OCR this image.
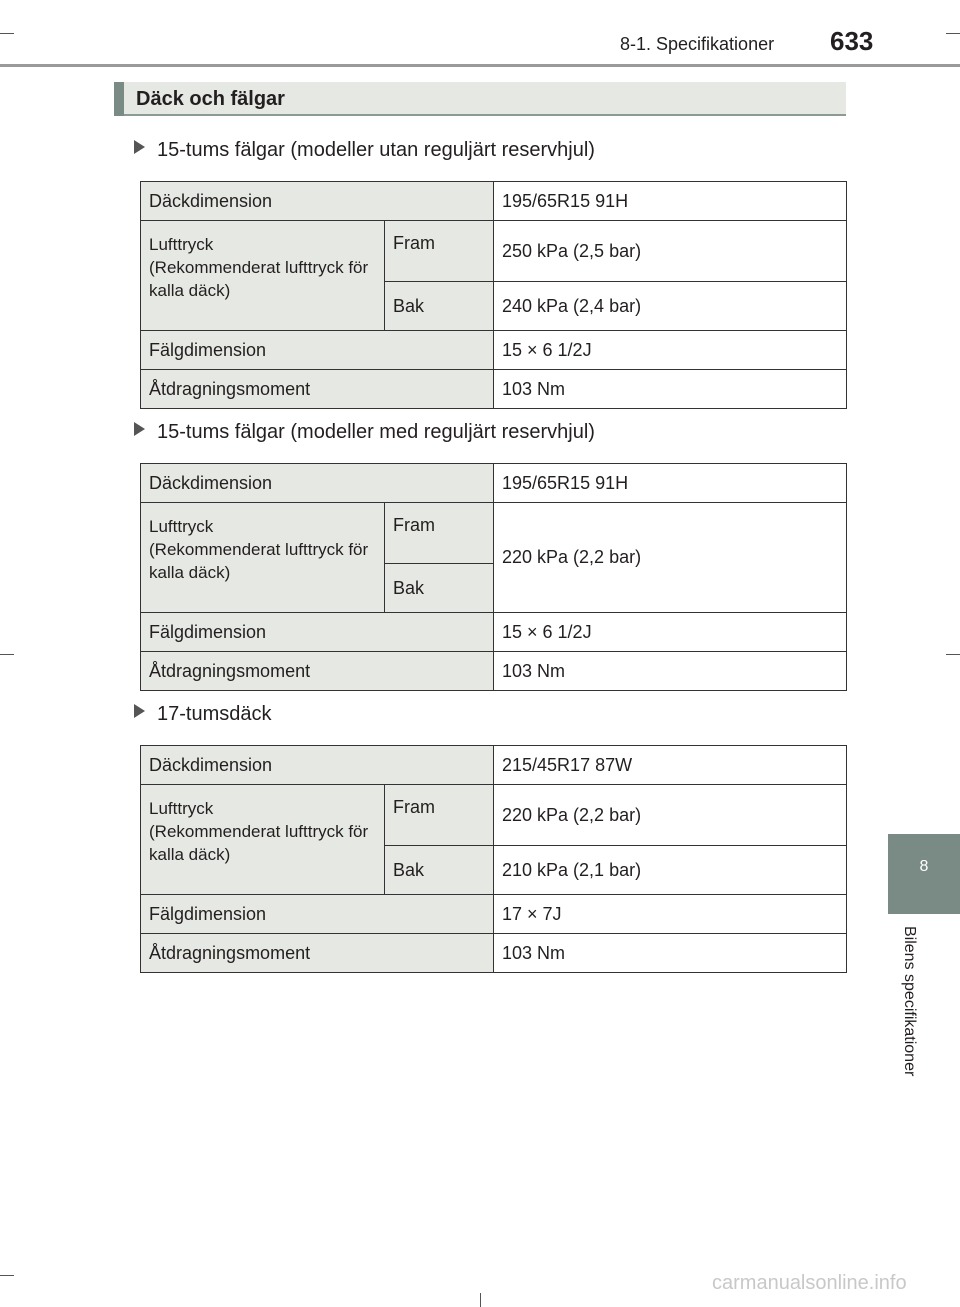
8-1. Specifikationer 633
Däck och fälgar
15-tums fälgar (modeller utan reguljärt reservhjul)
Däckdimension		195/65R15 91H
Lufttryck
(Rekommenderat lufttryck för kalla däck)	Fram	250 kPa (2,5 bar)
	Bak	240 kPa (2,4 bar)
Fälgdimension		15 × 6 1/2J
Åtdragningsmoment		103 Nm
15-tums fälgar (modeller med reguljärt reservhjul)
Däckdimension		195/65R15 91H
Lufttryck
(Rekommenderat lufttryck för kalla däck)	Fram	220 kPa (2,2 bar)
	Bak	
Fälgdimension		15 × 6 1/2J
Åtdragningsmoment		103 Nm
17-tumsdäck
Däckdimension		215/45R17 87W
Lufttryck
(Rekommenderat lufttryck för kalla däck)	Fram	220 kPa (2,2 bar)
	Bak	210 kPa (2,1 bar)
Fälgdimension		17 × 7J
Åtdragningsmoment		103 Nm
8
Bilens specifikationer
carmanualsonline.info
